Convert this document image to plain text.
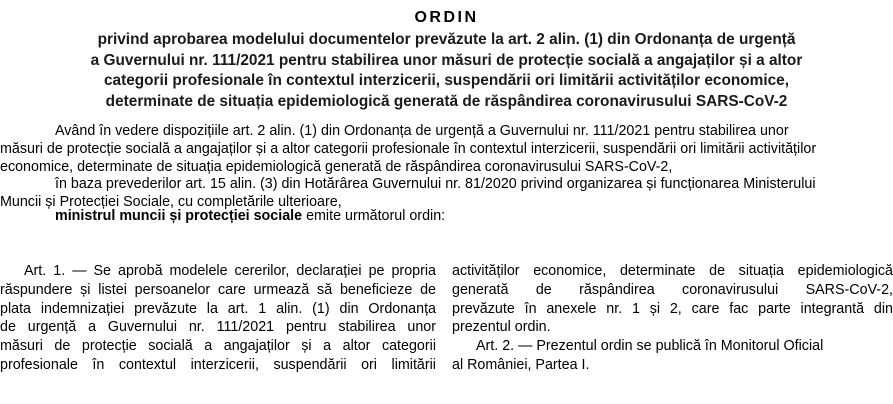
ORDIN
privind aprobarea modelului documentelor prevăzute la art. 2 alin. (1) din Ordonanța de urgență
a Guvernului nr. 111/2021 pentru stabilirea unor măsuri de protecție socială a angajaților și a altor
categorii profesionale în contextul interzicerii, suspendării ori limitării activităților economice,
determinate de situația epidemiologică generată de răspândirea coronavirusului SARS-CoV-2
Având în vedere dispozițiile art. 2 alin. (1) din Ordonanța de urgență a Guvernului nr. 111/2021 pentru stabilirea unor
măsuri de protecție socială a angajaților și a altor categorii profesionale în contextul interzicerii, suspendării ori limitării activităților
economice, determinate de situația epidemiologică generată de răspândirea coronavirusului SARS-CoV-2,
în baza prevederilor art. 15 alin. (3) din Hotărârea Guvernului nr. 81/2020 privind organizarea și funcționarea Ministerului
Muncii și Protecției Sociale, cu completările ulterioare,
ministrul muncii și protecției sociale emite următorul ordin:
Art. 1. — Se aprobă modelele cererilor, declarației pe propria
răspundere și listei persoanelor care urmează să beneficieze de
plata indemnizației prevăzute la art. 1 alin. (1) din Ordonanța
de urgență a Guvernului nr. 111/2021 pentru stabilirea unor
măsuri de protecție socială a angajaților și a altor categorii
profesionale în contextul interzicerii, suspendării ori limitării
activităților economice, determinate de situația epidemiologică
generată de răspândirea coronavirusului SARS-CoV-2,
prevăzute în anexele nr. 1 și 2, care fac parte integrantă din
prezentul ordin.
Art. 2. — Prezentul ordin se publică în Monitorul Oficial
al României, Partea I.
